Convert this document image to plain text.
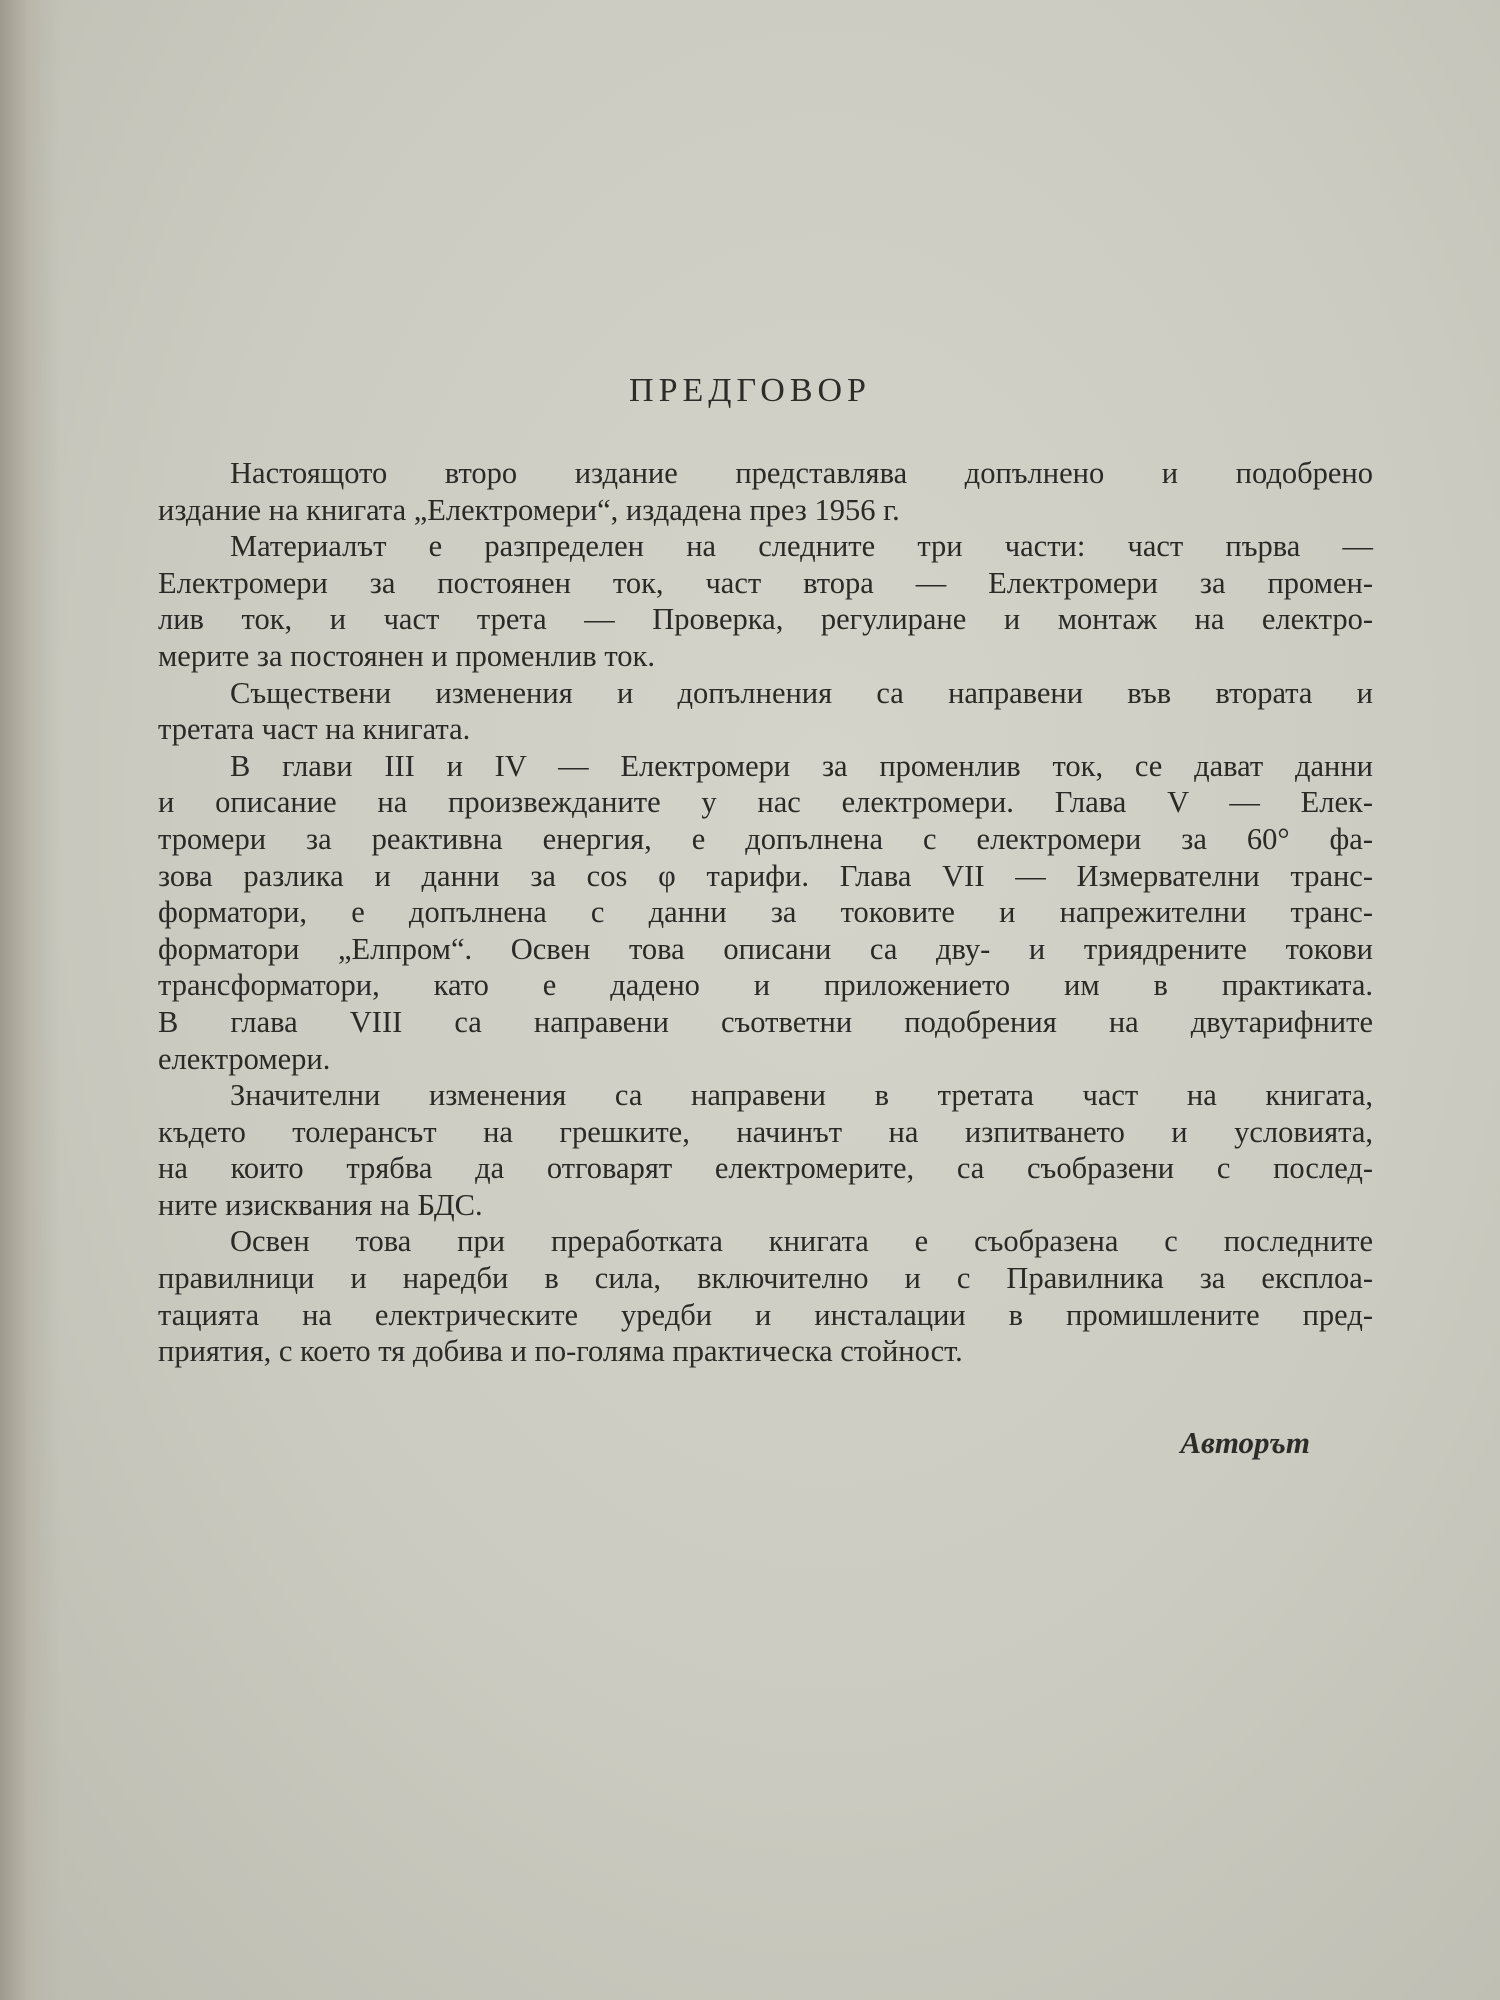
ПРЕДГОВОР
Настоящото второ издание представлява допълнено и подобрено
издание на книгата „Електромери“, издадена през 1956 г.
Материалът е разпределен на следните три части: част първа —
Електромери за постоянен ток, част втора — Електромери за промен-
лив ток, и част трета — Проверка, регулиране и монтаж на електро-
мерите за постоянен и променлив ток.
Съществени изменения и допълнения са направени във втората и
третата част на книгата.
В глави III и IV — Електромери за променлив ток, се дават данни
и описание на произвежданите у нас електромери. Глава V — Елек-
тромери за реактивна енергия, е допълнена с електромери за 60° фа-
зова разлика и данни за cos φ тарифи. Глава VII — Измервателни транс-
форматори, е допълнена с данни за токовите и напрежителни транс-
форматори „Елпром“. Освен това описани са дву- и триядрените токови
трансформатори, като е дадено и приложението им в практиката.
В глава VIII са направени съответни подобрения на двутарифните
електромери.
Значителни изменения са направени в третата част на книгата,
където толерансът на грешките, начинът на изпитването и условията,
на които трябва да отговарят електромерите, са съобразени с послед-
ните изисквания на БДС.
Освен това при преработката книгата е съобразена с последните
правилници и наредби в сила, включително и с Правилника за експлоа-
тацията на електрическите уредби и инсталации в промишлените пред-
приятия, с което тя добива и по-голяма практическа стойност.
Авторът
